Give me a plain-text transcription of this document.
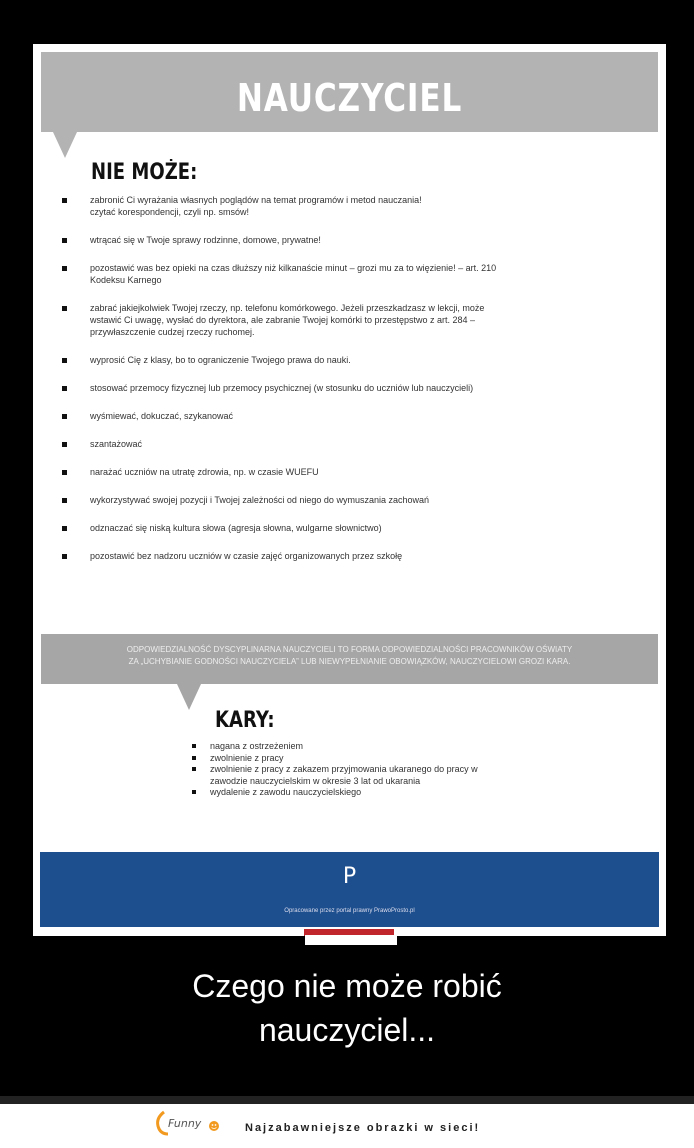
NAUCZYCIEL
NIE MOŻE:
zabronić Ci wyrażania własnych poglądów na temat programów i metod nauczania!
czytać korespondencji, czyli np. smsów!
wtrącać się w Twoje sprawy rodzinne, domowe, prywatne!
pozostawić was bez opieki na czas dłuższy niż kilkanaście minut – grozi mu za to więzienie! – art. 210
Kodeksu Karnego
zabrać jakiejkolwiek Twojej rzeczy, np. telefonu komórkowego. Jeżeli przeszkadzasz w lekcji, może
wstawić Ci uwagę, wysłać do dyrektora, ale zabranie Twojej komórki to przestępstwo z art. 284 –
przywłaszczenie cudzej rzeczy ruchomej.
wyprosić Cię z klasy, bo to ograniczenie Twojego prawa do nauki.
stosować przemocy fizycznej lub przemocy psychicznej (w stosunku do uczniów lub nauczycieli)
wyśmiewać, dokuczać, szykanować
szantażować
narażać uczniów na utratę zdrowia, np. w czasie WUEFU
wykorzystywać swojej pozycji i Twojej zależności od niego do wymuszania zachowań
odznaczać się niską kultura słowa (agresja słowna, wulgarne słownictwo)
pozostawić bez nadzoru uczniów w czasie zajęć organizowanych przez szkołę
ODPOWIEDZIALNOŚĆ DYSCYPLINARNA NAUCZYCIELI TO FORMA ODPOWIEDZIALNOŚCI PRACOWNIKÓW OŚWIATY
ZA „UCHYBIANIE GODNOŚCI NAUCZYCIELA” LUB NIEWYPEŁNIANIE OBOWIĄZKÓW, NAUCZYCIELOWI GROZI KARA.
KARY:
nagana z ostrzeżeniem
zwolnienie z pracy
zwolnienie z pracy z zakazem przyjmowania ukaranego do pracy w
zawodzie nauczycielskim w okresie 3 lat od ukarania
wydalenie z zawodu nauczycielskiego
P
Opracowane przez portal prawny PrawoProsto.pl
Czego nie może robić
nauczyciel...
Funny	Najzabawniejsze obrazki w sieci!
